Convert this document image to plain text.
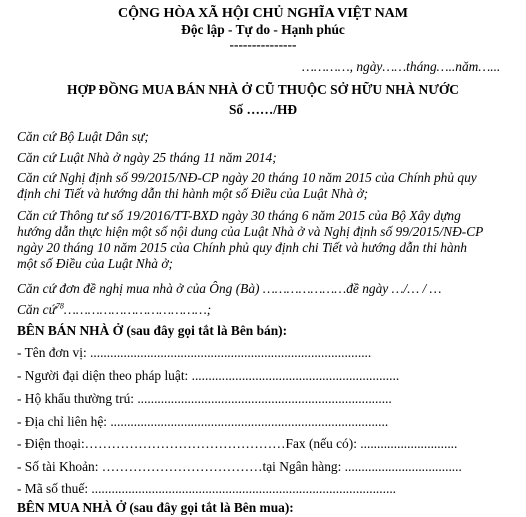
CỘNG HÒA XÃ HỘI CHỦ NGHĨA VIỆT NAM
Độc lập - Tự do - Hạnh phúc
---------------
…………, ngày……tháng…..năm…...
HỢP ĐỒNG MUA BÁN NHÀ Ở CŨ THUỘC SỞ HỮU NHÀ NƯỚC
Số ……/HĐ
Căn cứ Bộ Luật Dân sự;
Căn cứ Luật Nhà ở ngày 25 tháng 11 năm 2014;
Căn cứ Nghị định số 99/2015/NĐ-CP ngày 20 tháng 10 năm 2015 của Chính phủ quy
định chi Tiết và hướng dẫn thi hành một số Điều của Luật Nhà ở;
Căn cứ Thông tư số 19/2016/TT-BXD ngày 30 tháng 6 năm 2015 của Bộ Xây dựng
hướng dẫn thực hiện một số nội dung của Luật Nhà ở và Nghị định số 99/2015/NĐ-CP
ngày 20 tháng 10 năm 2015 của Chính phủ quy định chi Tiết và hướng dẫn thi hành
một số Điều của Luật Nhà ở;
Căn cứ đơn đề nghị mua nhà ở của Ông (Bà) …………………đề ngày …/… / …
Căn cứ$^{78}$………………………………;
BÊN BÁN NHÀ Ở (sau đây gọi tắt là Bên bán):
- Tên đơn vị: ....................................................................................
- Người đại diện theo pháp luật: ..............................................................
- Hộ khẩu thường trú: ............................................................................
- Địa chỉ liên hệ: ...................................................................................
- Điện thoại:………………………………………Fax (nếu có): .............................
- Số tài Khoản: ………………………………tại Ngân hàng: ...................................
- Mã số thuế: ...........................................................................................
BÊN MUA NHÀ Ở (sau đây gọi tắt là Bên mua):
